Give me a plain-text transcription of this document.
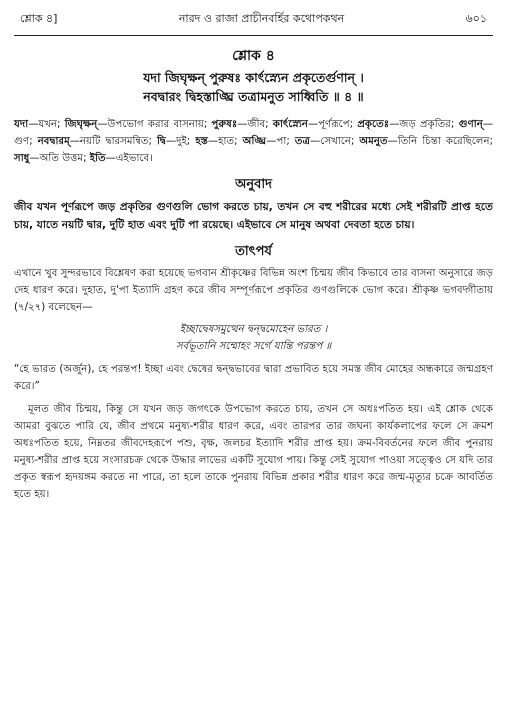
শ্লোক ৪]	নারদ ও রাজা প্রাচীনবর্হির কথোপকথন	৬০১
শ্লোক ৪
যদা জিঘৃক্ষন্ পুরুষঃ কার্ৎস্ন্যেন প্রকৃতের্গুণান্ ।
নবদ্বারং দ্বিহস্তাঙ্ঘ্রি তত্রামনুত সাধ্বিতি ॥ ৪ ॥
যদা—যখন; জিঘৃক্ষন্—উপভোগ করার বাসনায়; পুরুষঃ—জীব; কার্ৎস্ন্যেন—পূর্ণরূপে; প্রকৃতেঃ—জড় প্রকৃতির; গুণান্—গুণ; নবদ্বারম্—নয়টি দ্বারসমন্বিত; দ্বি—দুই; হস্ত—হাত; অঙ্ঘ্রি—পা; তত্র—সেখানে; অমনুত—তিনি চিন্তা করেছিলেন; সাধু—অতি উত্তম; ইতি—এইভাবে।
অনুবাদ
জীব যখন পূর্ণরূপে জড় প্রকৃতির গুণগুলি ভোগ করতে চায়, তখন সে বহু শরীরের মধ্যে সেই শরীরটি প্রাপ্ত হতে চায়, যাতে নয়টি দ্বার, দুটি হাত এবং দুটি পা রয়েছে। এইভাবে সে মানুষ অথবা দেবতা হতে চায়।
তাৎপর্য
এখানে খুব সুন্দরভাবে বিশ্লেষণ করা হয়েছে ভগবান শ্রীকৃষ্ণের বিভিন্ন অংশ চিন্ময় জীব কিভাবে তার বাসনা অনুসারে জড় দেহ ধারণ করে। দুহাত, দু'পা ইত্যাদি গ্রহণ করে জীব সম্পূর্ণরূপে প্রকৃতির গুণগুলিকে ভোগ করে। শ্রীকৃষ্ণ ভগবদ্গীতায় (৭/২৭) বলেছেন—
ইচ্ছাদ্বেষসমুত্থেন দ্বন্দ্বমোহেন ভারত ।
সর্বভূতানি সম্মোহং সর্গে যান্তি পরন্তপ ॥
“হে ভারত (অর্জুন), হে পরন্তপ! ইচ্ছা এবং দ্বেষের দ্বন্দ্বভাবের দ্বারা প্রভাবিত হয়ে সমস্ত জীব মোহের অন্ধকারে জন্মগ্রহণ করে।”
মূলত জীব চিন্ময়, কিন্তু সে যখন জড় জগৎকে উপভোগ করতে চায়, তখন সে অধঃপতিত হয়। এই শ্লোক থেকে আমরা বুঝতে পারি যে, জীব প্রথমে মনুষ্য-শরীর ধারণ করে, এবং তারপর তার জঘন্য কার্যকলাপের ফলে সে ক্রমশ অধঃপতিত হয়ে, নিম্নতর জীবদেহরূপে পশু, বৃক্ষ, জলচর ইত্যাদি শরীর প্রাপ্ত হয়। ক্রম-বিবর্তনের ফলে জীব পুনরায় মনুষ্য-শরীর প্রাপ্ত হয়ে সংসারচক্র থেকে উদ্ধার লাভের একটি সুযোগ পায়। কিন্তু সেই সুযোগ পাওয়া সত্ত্বেও সে যদি তার প্রকৃত স্বরূপ হৃদয়ঙ্গম করতে না পারে, তা হলে তাকে পুনরায় বিভিন্ন প্রকার শরীর ধারণ করে জন্ম-মৃত্যুর চক্রে আবর্তিত হতে হয়।
